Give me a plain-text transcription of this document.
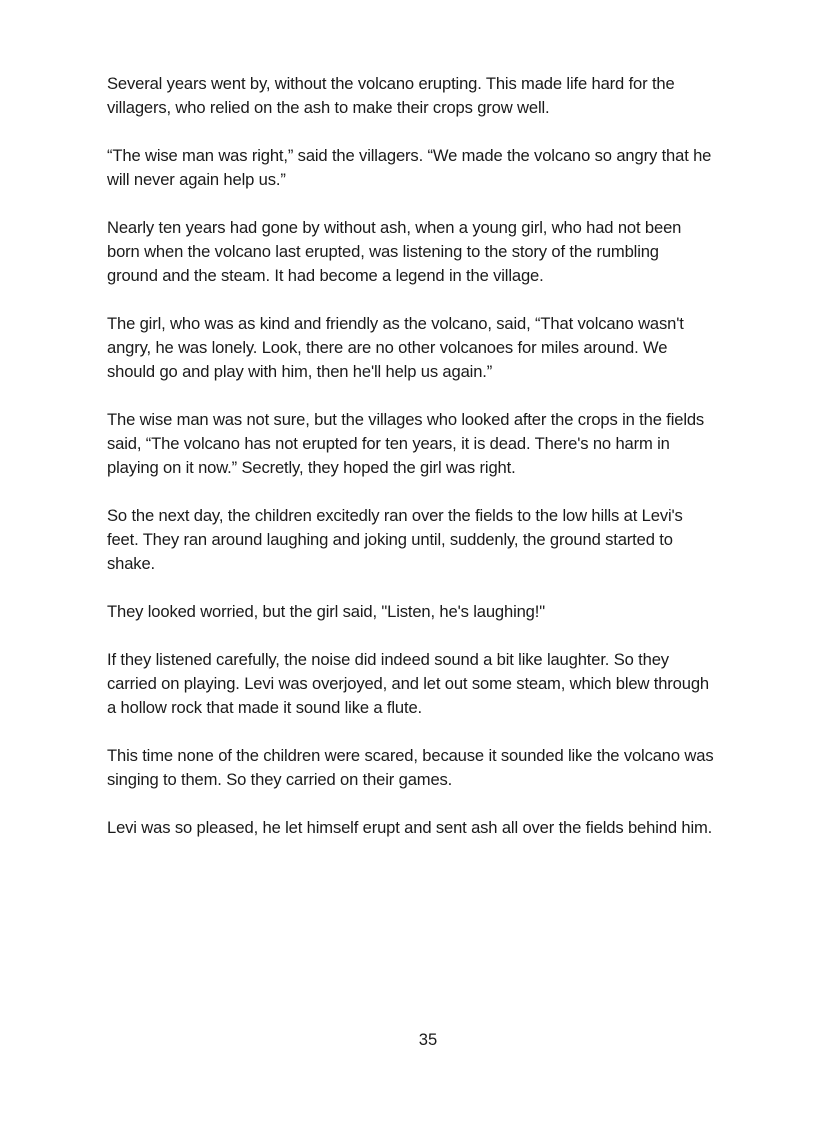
Several years went by, without the volcano erupting. This made life hard for the
villagers, who relied on the ash to make their crops grow well.

“The wise man was right,” said the villagers. “We made the volcano so angry that he
will never again help us.”

Nearly ten years had gone by without ash, when a young girl, who had not been
born when the volcano last erupted, was listening to the story of the rumbling
ground and the steam. It had become a legend in the village.

The girl, who was as kind and friendly as the volcano, said, “That volcano wasn't
angry, he was lonely. Look, there are no other volcanoes for miles around. We
should go and play with him, then he'll help us again.”

The wise man was not sure, but the villages who looked after the crops in the fields
said, “The volcano has not erupted for ten years, it is dead. There's no harm in
playing on it now.” Secretly, they hoped the girl was right.

So the next day, the children excitedly ran over the fields to the low hills at Levi's
feet. They ran around laughing and joking until, suddenly, the ground started to
shake.

They looked worried, but the girl said, "Listen, he's laughing!"

If they listened carefully, the noise did indeed sound a bit like laughter. So they
carried on playing. Levi was overjoyed, and let out some steam, which blew through
a hollow rock that made it sound like a flute.

This time none of the children were scared, because it sounded like the volcano was
singing to them. So they carried on their games.

Levi was so pleased, he let himself erupt and sent ash all over the fields behind him.

35
